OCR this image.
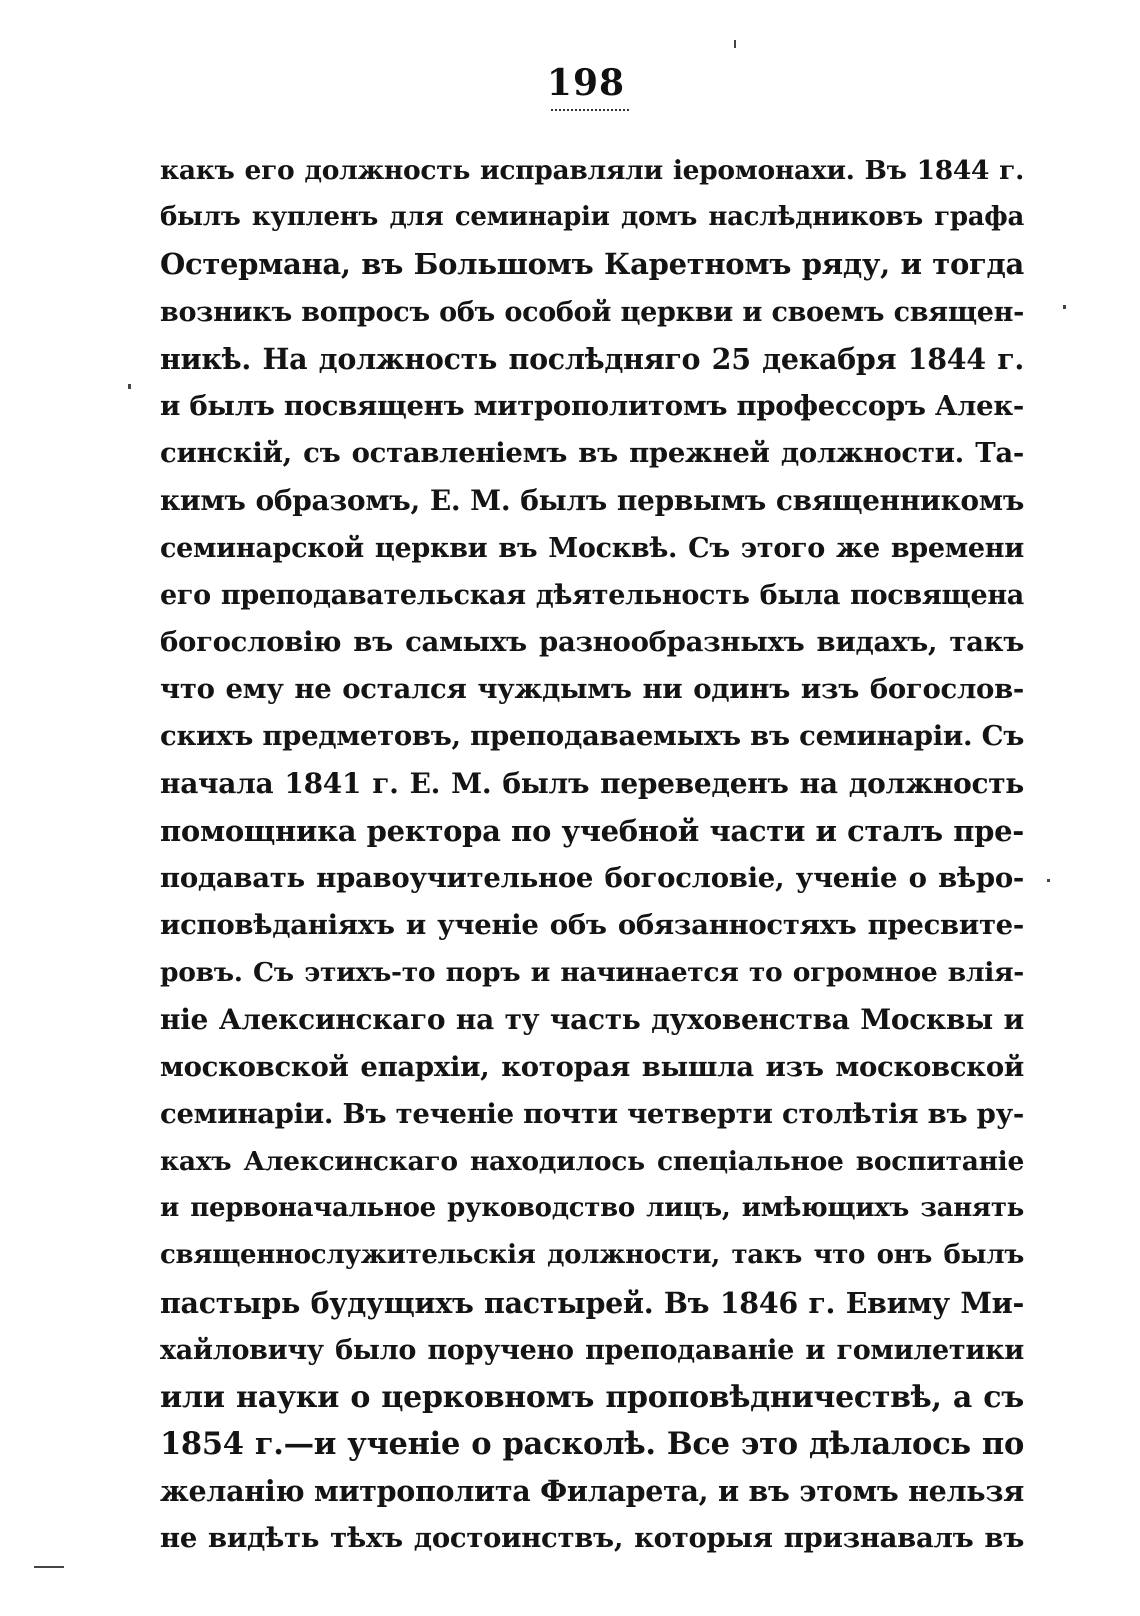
198
какъ его должность исправляли іеромонахи. Въ 1844 г.
былъ купленъ для семинаріи домъ наслѣдниковъ графа
Остермана, въ Большомъ Каретномъ ряду, и тогда
возникъ вопросъ объ особой церкви и своемъ священ-
никѣ. На должность послѣдняго 25 декабря 1844 г.
и былъ посвященъ митрополитомъ профессоръ Алек-
синскій, съ оставленіемъ въ прежней должности. Та-
кимъ образомъ, Е. М. былъ первымъ священникомъ
семинарской церкви въ Москвѣ. Съ этого же времени
его преподавательская дѣятельность была посвящена
богословію въ самыхъ разнообразныхъ видахъ, такъ
что ему не остался чуждымъ ни одинъ изъ богослов-
скихъ предметовъ, преподаваемыхъ въ семинаріи. Съ
начала 1841 г. Е. М. былъ переведенъ на должность
помощника ректора по учебной части и сталъ пре-
подавать нравоучительное богословіе, ученіе о вѣро-
исповѣданіяхъ и ученіе объ обязанностяхъ пресвите-
ровъ. Съ этихъ-то поръ и начинается то огромное влія-
ніе Алексинскаго на ту часть духовенства Москвы и
московской епархіи, которая вышла изъ московской
семинаріи. Въ теченіе почти четверти столѣтія въ ру-
кахъ Алексинскаго находилось спеціальное воспитаніе
и первоначальное руководство лицъ, имѣющихъ занять
священнослужительскія должности, такъ что онъ былъ
пастырь будущихъ пастырей. Въ 1846 г. Евиму Ми-
хайловичу было поручено преподаваніе и гомилетики
или науки о церковномъ проповѣдничествѣ, а съ
1854 г.—и ученіе о расколѣ. Все это дѣлалось по
желанію митрополита Филарета, и въ этомъ нельзя
не видѣть тѣхъ достоинствъ, которыя признавалъ въ
